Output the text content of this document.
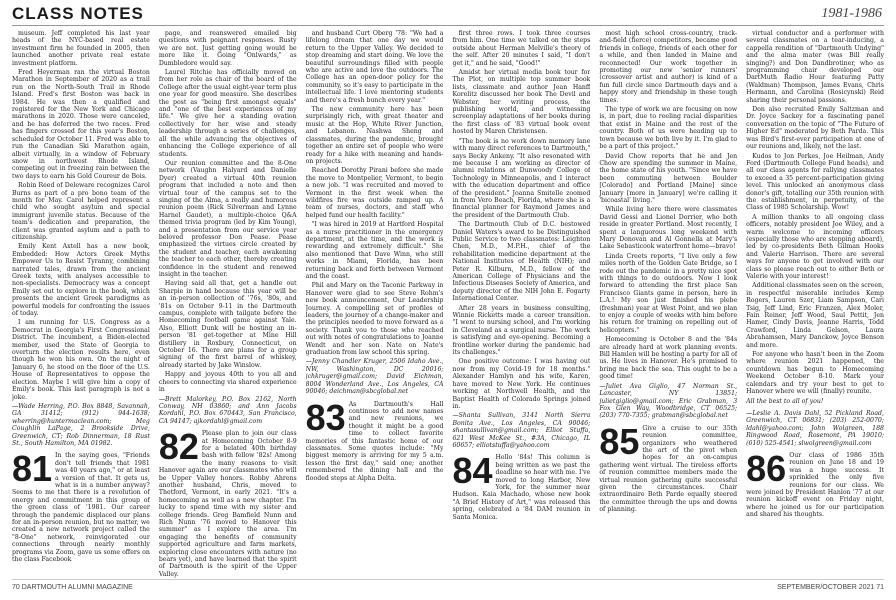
CLASS NOTES	1981-1986

museum. Jeff completed his last year heads of the NYC-based real estate investment firm he founded in 2005, then launched another private real estate investment platform.

Fred Heyerman ran the virtual Boston Marathon in September of 2020 as a trail run on the North-South Trail in Rhode Island. Fred's first Boston was back in 1984. He was then a qualified and registered for the New York and Chicago marathons in 2020. Those were canceled, and he has deferred the two races. Fred has fingers crossed for this year's Boston, scheduled for October 11. Fred was able to run the Canadian Ski Marathon again, albeit virtually, in a window of February snow in northwest Rhode Island, competing out in freezing rain between the two days to earn his Gold Coureur de Bois.

Robin Reed of Deleware recognizes Carol Burns as part of a pro bono team of the month for May. Carol helped represent a child who sought asylum and special immigrant juvenile status. Because of the team's dedication and preparation, the client was granted asylum and a path to citizenship.

Emily Kent Axtell has a new book, Embedded: How Actors Greek Myths Empower Us to Resist Tyranny, combining narrated tales, drawn from the ancient Greek texts, with analyses accessible to non-specialists. Democracy was a concept Emily set out to explore in the book, which presents the ancient Greek paradigms as powerful models for confronting the issues of today.

I am running for U.S. Congress as a Democrat in Georgia's First Congressional District. The incumbent, a Biden-elected member, used the State of Georgia to overturn the election results here, even though he won his own. On the night of January 6, he stood on the floor of the U.S. House of Representatives to oppose the election. Maybe I will give him a copy of Emily's book. This last paragraph is not a joke.

—Wade Herring, P.O. Box 8848, Savannah, GA 31412; (912) 944-1638; wherring@huntermaclean.com; Meg Coughlin LaPage, 2 Brookside Drive, Greenwich, CT; Rob Dinnerman, 18 Rust St., South Hamilton, MA 01982.

81 In the saying goes, "Friends don't tell friends that 1981 was 40 years ago," or at least a version of that. It gets us, what is in a number anyway? Seems to me that there is a revolution of energy and commitment in this group of the green class of '1981. Our career through the pandemic displaced our plans for an in-person reunion, but no matter, we created a new network project called the "8-One" network, reinvigorated our connections through nearly monthly programs via Zoom, gave us some offers on the class Facebook

page, and reanswered emailed big questions with poignant responses. Rusty we are not. Just getting going would be more like it. Going "Onlwards," as Dumbledore would say.

Laurel Ritchie has officially moved on from her role as chair of the board of the College after the usual eight-year term plus one year for good measure. She describes the post as "being first amongst equals" and "one of the best experiences of my life." We give her a standing ovation collectively for her wise and steady leadership through a series of challenges, all the while advancing the objectives of enhancing the College experience of all students.

Our reunion committee and the 8-One network (Vaughn Halyard and Danielle Dyer) created a virtual 40th reunion program that included a note and then virtual tour of the campus set to the singing of the Alma, a really and humorous reunion poem (Rick Silverman and Lynne Harnel Gaudet), a multiple-choice Q&A themed trivia program (led by Kim Young), and a presentation from our service year beloved professor Don Pease. Pease emphasized the virtues circle created by the student and teacher, each awakening the teacher to each other, thereby creating confidence in the student and renewed insight in the teacher.

Having said all that, get a handle out Sharpie in hand because this year will be an in-person collection of '76s, '80s, and '81s on October 9-11 in the Dartmouth campus, complete with tailgate before the Homecoming football game against Yale. Also, Elliott Dunk will be hosting an in-person '81 get-together at Mine Hill distillery in Roxbury, Connecticut, on October 16. There are plans for a group signing of the first barrel of whiskey, already started by Jake Winslow.

Happy and joyous 40th to you all and cheers to connecting via shared experience in

—Brett Malorkey, P.O. Box 2162, North Conway, NH 03860; and Ann Jacobs Kordahl, P.O. Box 670443, San Francisco, CA 94147; ajkordahl@gmail.com

82 Please plan to join our class at Homecoming October 8-9 for a belated 40th birthday bash with fellow '82s! Among the many reasons to visit Hanover again are our classmates who will be Upper Valley honors. Robby Ahrens another husband, Chris, moved to Thetford, Vermont, in early 2021. "It's a homecoming as well as a new chapter. I'm lucky to spend time with my sister and college friends. Greg Bamfield Nunn and Rich Nunn '76 moved to Hanover this summer" as I explore the area. I'm engaging the benefits of community supported agriculture and farm markets, exploring close encounters with nature (no bears yet), and have learned that the spirit of Dartmouth is the spirit of the Upper Valley.

and husband Curt Oberg '78: "We had a lifelong dream that one day we would return to the Upper Valley. We decided to stop dreaming and start doing. We love the beautiful surroundings filled with people who are active and love the outdoors. The College has an open-door policy for the community, so it's easy to participate in the intellectual life. I love mentoring students and there's a fresh bunch every year."

The new community here has been surprisingly rich, with great theater and music at the Hop, White River Junction, and Lebanon. Nashwa Sheng and classmates, during the pandemic, brought together an entire set of people who were ready for a hike with meaning and hands-on projects.

Reached Dorothy Pirani before she made the move to Montpelier, Vermont, to begin a new job. "I was recruited and moved to Vermont in the first week when the wildfires fire was outside ramped up. A team of nurses, doctors, and staff who helped fund our health facility."

"I was hired in 2019 at Hartford Hospital as a nurse practitioner in the emergency department, at the time, and the work is rewarding and extremely difficult." She also mentioned that Dave Winn, who still works in Miami, Florida, has been returning back and forth between Vermont and the coast.

Phil and Mary on the Taconic Parkway in Hanover were glad to see Steve Rohm's new book announcement, Our Leadership Journey. A compelling set of profiles of leaders, the journey of a change-maker and the principles needed to move forward as a society. Thank you to those who reached out with notes of congratulations to Joanne Wendt and her son Nate on Nate's graduation from law school this spring.

—Jenny Chandler Kruger, 2506 Idaho Ave., NW, Washington, DC 20016; jchkruger@gmail.com; David Eichman, 8004 Wonderland Ave., Los Angeles, CA 90046; deichman@sbcglobal.net

83 As Dartmouth's Hall continues to add new names and new reunions, we thought it might be a good time to collect favorite memories of this fantastic home of our classmates. Some quotes include: "My biggest memory is arriving for my 5 a.m. lesson the first day," said one; another remembered the dining hall and the flooded steps at Alpha Delta.

first three rows. I took three courses from him. One time we talked on the steps outside about Herman Melville's theory of the self. After 20 minutes I said, "I don't get it," and he said, "Good!"

Amidst her virtual media book tour for The Plot, on multiple top summer book lists, classmate and author Jean Hanff Korelitz discussed her book The Devil and Webster, her writing process, the publishing world, and witnessing screenplay adaptations of her books during the first class of '83 virtual book event hosted by Maren Christensen.

"The book is no work down memory lane with many direct references to Dartmouth," says Becky Ankeny. "It also resonated with me because I am working as director of alumni relations at Dunwoody College of Technology in Minneapolis, and I interact with the education department and office of the president." Joanna Smitelle zoomed in from Vero Beach, Florida, where she is a financial planner for Raymond James and the president of the Dartmouth Club.

The Dartmouth Club of D.C. bestowed Daniel Waters's award to be Distinguished Public Service to two classmates: Leighton Chen, M.D., M.P.H., chief of the rehabilitation medicine department at the National Institutes of Health (NIH); and Peter R. Kilburn, M.D., fellow of the American College of Physicians and the Infectious Diseases Society of America, and deputy director of the NIH John E. Fogarty International Center.

After 28 years in business consulting, Winnie Ricketts made a career transition. "I went to nursing school, and I'm working in Cleveland as a surgical nurse. The work is satisfying and eye-opening. Becoming a frontline worker during the pandemic had its challenges."

One positive outcome: I was having out now from my Covid-19 for 18 months." Alexander Hamlyn and his wife, Karen, have moved to New York. He continues working at Northwell Health, and the Baptist Health of Colorado Springs joined in.

—Shanta Sullivan, 3141 North Sierra Bonita Ave., Los Angeles, CA 90046; shantasullivan@gmail.com; Elliot Stuffa, 621 West McKee St., #3A, Chicago, IL 60657; elliotstuffa@yahoo.com

84 Hello '84s! This column is being written as we past the deadline so hear with me. I've moved to long Harbor, New York, for the summer near Hudson. Kaia Machado, whose new book "A Brief History of Art," was released this spring, celebrated a '84 DAM reunion in Santa Monica.

most high school cross-country, track-and-field (fierce) competitors, became good friends in college, friends of each other for a while, and then landed in Maine and reconnected! Our work together in promoting our new 'senior runners' (crossover artist and author) is kind of a fun full circle since Dartmouth days and a happy story and friendship in these tough times.

The type of work we are focusing on now is, in part, due to reeling racial disparities that exist in Maine and the rest of the country. Both of us were heading up to town because we both live by it. I'm glad to be a part of this project."

David Chow reports that he and Jen Chow are spending the summer in Maine, the home state of his youth. "Since we have been commuting between Boulder [Colorado] and Portland [Maine] since January [more in January] we're calling it 'bicoastal' living."

While living here there were classmates David Gessi and Lionel Dorrier, who both reside in greater Portland. Most recently, I spent a languorous long weekend with Mary Donovan and Al Gonnella at Mary's Lake Sebasticook waterfront home—bravo!

Linda Creets reports, "I live only a few miles north of the Golden Gate Bridge, so I rode out the pandemic in a pretty nice spot with things to do outdoors. Now I look forward to attending the first place San Francisco Giants game in person, here in L.A.! My son just finished his plebe (freshman) year at West Point, and we plan to enjoy a couple of weeks with him before his return for training on repelling out of helicopters."

Homecoming is October 8 and the '84s are already hard at work planning events. Bill Hamlen will be hosting a party for all of us. He lives in Hanover. He's promised to bring me back the sea. This ought to be a good time!

—Juliet Ava Giglio, 47 Norman St., Lancaster, NY 13851; julietgiglio@gmail.com; Eric Grabman, 3 Fox Glen Way, Woodbridge, CT 06525; (203) 770-7355; grabman@sbcglobal.net

85 Give a cruise to our 35th reunion committee, organizers who weathered the art of the pivot when hopes for an on-campus gathering went virtual. The tireless efforts of reunion committee members made the virtual reunion gathering quite successful given the circumstances. Chair extraordinaire Beth Parde equally steered the committee through the ups and downs of planning.

virtual conductor and a performer with several classmates on a tear-inducing, a cappella rendition of "Dartmouth Undying" and the alma mater (was Bill really singing?) and Don Dandbrotiner, who as programming chair developed our DartMuth Radio Hour featuring Patty (Waldman) Thompson, James Evans, Chris Hermann, and Carolina (Rosicynski) Reid sharing their personal passions.

Don also recruited Emily Saltzman and Dr. Joyce Sackey for a fascinating panel conversation on the topic of "The Future of Higher Ed" moderated by Beth Parda. This was Bird's first-ever participation at one of our reunions and, likely, not the last.

Kudos to Jon Perkes, Joe Heilman, Andy Ford (Dartmouth College Fund heads), and all our class agents for rallying classmates to exceed a 35 percent-participation giving level. This unlocked an anonymous class donor's gift, totalling our 35th reunion with the establishment, in perpetuity, of the Class of 1985 Scholarship. Wow!

A million thanks to all ongoing class officers, notably president Joe Wiley, and a warm welcome to incoming officers (especially those who are stepping aboard), led by co-presidents Beth Gilman Hooks and Valerie Harrison. There are several ways for anyone to get involved with our class so please reach out to either Beth or Valerie with your interest!

Additional classmates seen on the screen, in respectful miserable includes Kemp Rogers, Lauren Szer, Liam Sampson, Cari Tsig, Jeff Lind, Eric Franzen, Alex Moler, Fain Reiner, Jeff Wood, Saul Pettit, Jen Hamer, Cindy Davis, Jeanne Harris, Todd Crawford, Linda Gelson, Laura Abrahamsen, Mary Danckow, Joyce Benson and more.

For anyone who hasn't been in the Zoom where reunion 2021 happened, the countdown has begun to Homecoming Weekend October 8-10. Mark your calendars and try your best to get to Hanover where we will (finally) reunite.

All the best to all of you!

—Leslie A. Davis Dahl, 52 Pickland Road, Greenwich, CT 06831; (203) 252-0070; ldahl@yahoo.com; John Wolgreen, 188 Ringwood Road, Rosemont, PA 19010; (610) 525-4541; slwolgreen@gmail.com

86 Our class of 1986 35th reunion on June 18 and 19 was a huge success. It sprinkled the only five reunions for our class. We were joined by President Hanlon '77 at our reunion kickoff event on Friday night, where he joined us for our participation and shared his thoughts.

70 DARTMOUTH ALUMNI MAGAZINE	SEPTEMBER/OCTOBER 2021 71
